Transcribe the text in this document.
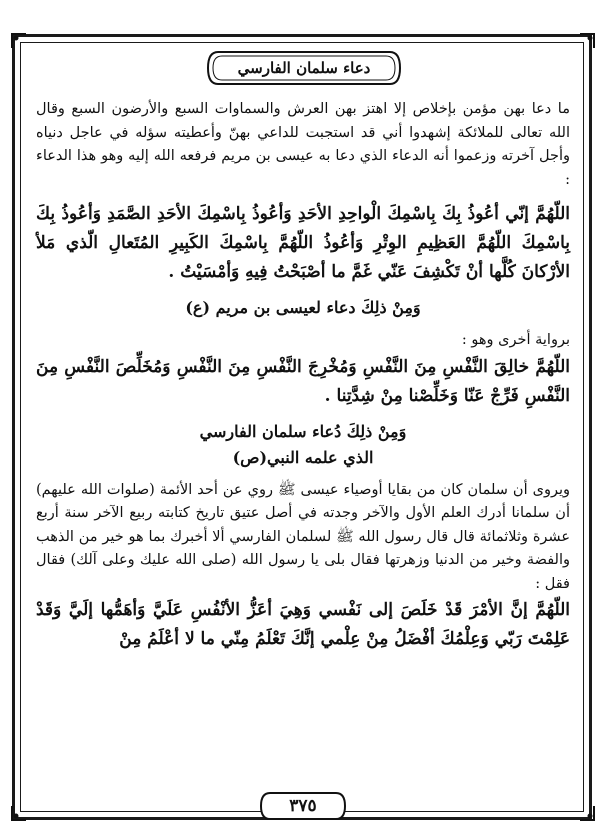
دعاء سلمان الفارسي

ما دعا بهن مؤمن بإخلاص إلا اهتز بهن العرش والسماوات السبع والأرضون السبع وقال الله تعالى للملائكة إشهدوا أني قد استجبت للداعي بهنّ وأعطيته سؤله في عاجل دنياه وأجل آخرته وزعموا أنه الدعاء الذي دعا به عيسى بن مريم فرفعه الله إليه وهو هذا الدعاء :

اللّهُمَّ إنّي أعُوذُ بِكَ بِاسْمِكَ الْواحِدِ الأحَدِ وَأعُوذُ بِاسْمِكَ الأحَدِ الصَّمَدِ وَأعُوذُ بِكَ بِاسْمِكَ اللّهُمَّ العَظِيمِ الوِتْرِ وَأعُوذُ اللّهُمَّ بِاسْمِكَ الكَبِيرِ المُتَعالِ الّذي مَلأ الأرْكانَ كُلَّها أنْ تَكْشِفَ عَنّي غَمَّ ما أصْبَحْتُ فِيهِ وَأمْسَيْتُ .

وَمِنْ ذلِكَ دعاء لعيسى بن مريم (ع)

برواية أخرى وهو :

اللّهُمَّ خالِقَ النَّفْسِ مِنَ النَّفْسِ وَمُخْرِجَ النَّفْسِ مِنَ النَّفْسِ وَمُخَلِّصَ النَّفْسِ مِنَ النَّفْسِ فَرِّجْ عَنّا وَخَلِّصْنا مِنْ شِدَّتِنا .

وَمِنْ ذلِكَ دُعاء سلمان الفارسي

الذي علمه النبي(ص)

ويروى أن سلمان كان من بقايا أوصياء عيسى ﷺ روي عن أحد الأئمة (صلوات الله عليهم) أن سلمانا أدرك العلم الأول والآخر وجدته في أصل عتيق تاريخ كتابته ربيع الآخر سنة أربع عشرة وثلاثمائة قال قال رسول الله ﷺ لسلمان الفارسي ألا أخبرك بما هو خير من الذهب والفضة وخير من الدنيا وزهرتها فقال بلى يا رسول الله (صلى الله عليك وعلى آلك) فقال فقل :

اللّهُمَّ إنَّ الأمْرَ قَدْ خَلَصَ إلى نَفْسي وَهِيَ أعَزُّ الأنْفُسِ عَلَيَّ وَأهَمُّها إلَيَّ وَقَدْ عَلِمْتَ رَبّي وَعِلْمُكَ أفْضَلُ مِنْ عِلْمي إنَّكَ تَعْلَمُ مِنّي ما لا أعْلَمُ مِنْ

٣٧٥
